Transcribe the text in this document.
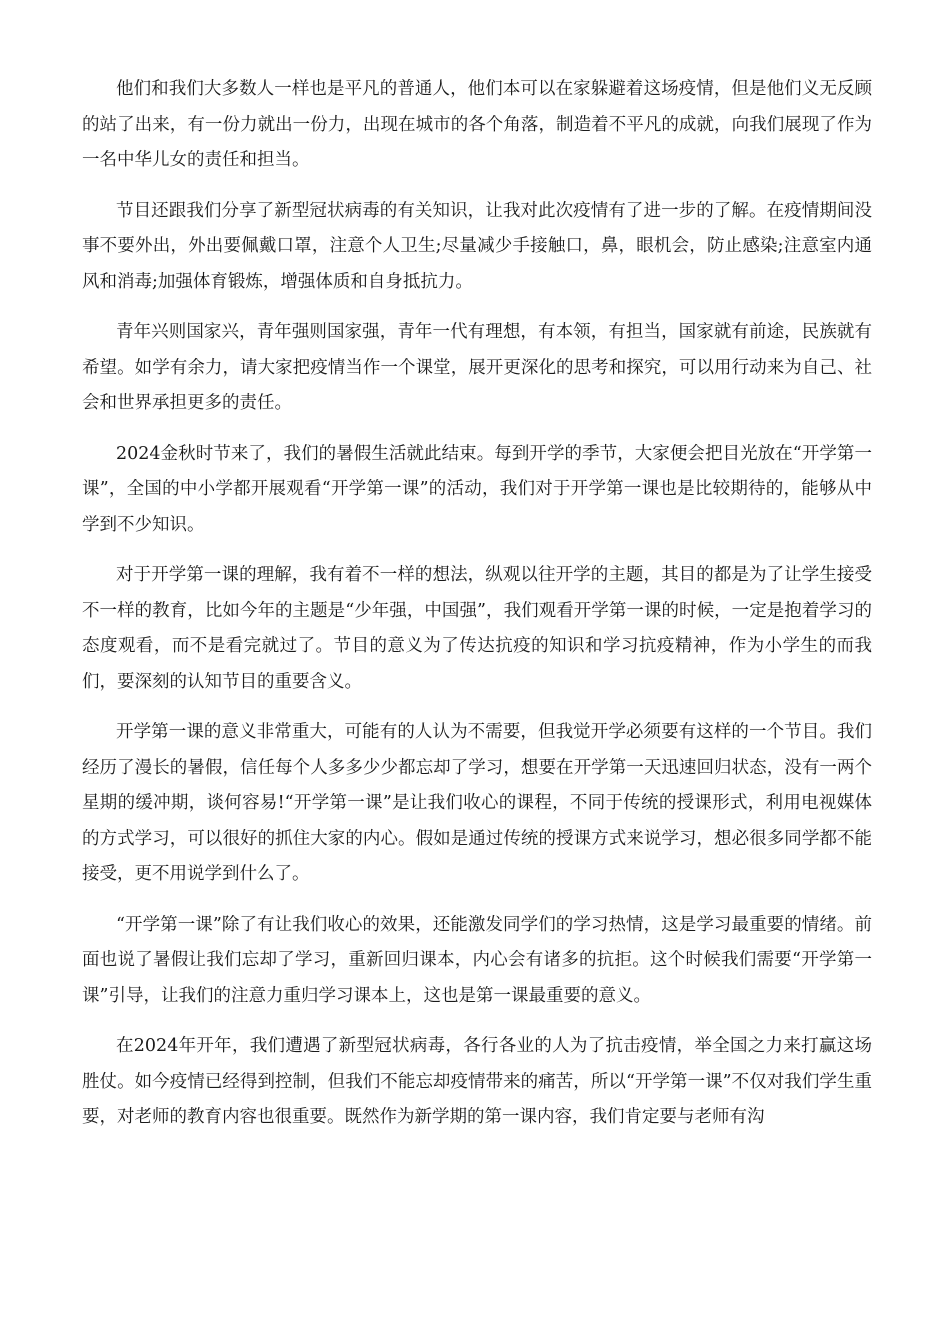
他们和我们大多数人一样也是平凡的普通人，他们本可以在家躲避着这场疫情，但是他们义无反顾的站了出来，有一份力就出一份力，出现在城市的各个角落，制造着不平凡的成就，向我们展现了作为一名中华儿女的责任和担当。

节目还跟我们分享了新型冠状病毒的有关知识，让我对此次疫情有了进一步的了解。在疫情期间没事不要外出，外出要佩戴口罩，注意个人卫生;尽量减少手接触口，鼻，眼机会，防止感染;注意室内通风和消毒;加强体育锻炼，增强体质和自身抵抗力。

青年兴则国家兴，青年强则国家强，青年一代有理想，有本领，有担当，国家就有前途，民族就有希望。如学有余力，请大家把疫情当作一个课堂，展开更深化的思考和探究，可以用行动来为自己、社会和世界承担更多的责任。

2024金秋时节来了，我们的暑假生活就此结束。每到开学的季节，大家便会把目光放在“开学第一课”，全国的中小学都开展观看“开学第一课”的活动，我们对于开学第一课也是比较期待的，能够从中学到不少知识。

对于开学第一课的理解，我有着不一样的想法，纵观以往开学的主题，其目的都是为了让学生接受不一样的教育，比如今年的主题是“少年强，中国强”，我们观看开学第一课的时候，一定是抱着学习的态度观看，而不是看完就过了。节目的意义为了传达抗疫的知识和学习抗疫精神，作为小学生的而我们，要深刻的认知节目的重要含义。

开学第一课的意义非常重大，可能有的人认为不需要，但我觉开学必须要有这样的一个节目。我们经历了漫长的暑假，信任每个人多多少少都忘却了学习，想要在开学第一天迅速回归状态，没有一两个星期的缓冲期，谈何容易!“开学第一课”是让我们收心的课程，不同于传统的授课形式，利用电视媒体的方式学习，可以很好的抓住大家的内心。假如是通过传统的授课方式来说学习，想必很多同学都不能接受，更不用说学到什么了。

“开学第一课”除了有让我们收心的效果，还能激发同学们的学习热情，这是学习最重要的情绪。前面也说了暑假让我们忘却了学习，重新回归课本，内心会有诸多的抗拒。这个时候我们需要“开学第一课”引导，让我们的注意力重归学习课本上，这也是第一课最重要的意义。

在2024年开年，我们遭遇了新型冠状病毒，各行各业的人为了抗击疫情，举全国之力来打赢这场胜仗。如今疫情已经得到控制，但我们不能忘却疫情带来的痛苦，所以“开学第一课”不仅对我们学生重要，对老师的教育内容也很重要。既然作为新学期的第一课内容，我们肯定要与老师有沟
